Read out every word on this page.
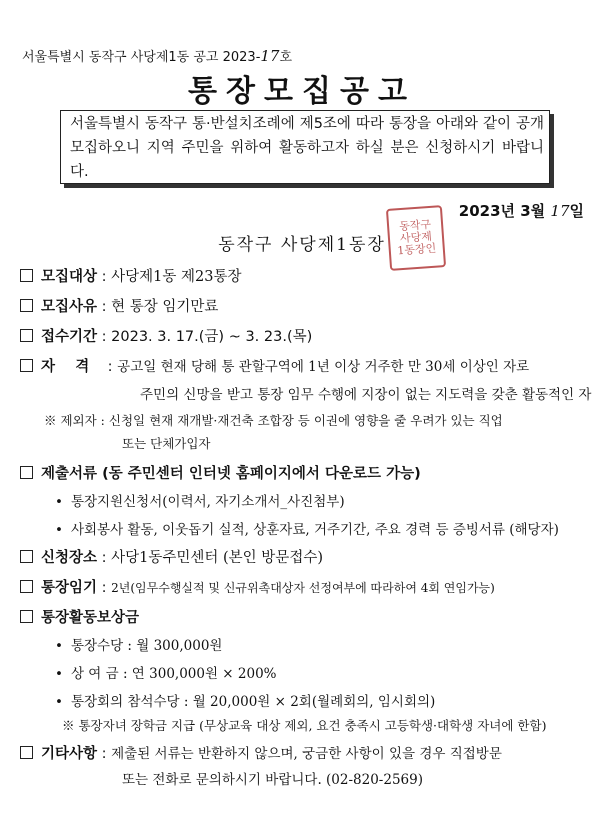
서울특별시 동작구 사당제1동 공고 2023-17호
통장모집공고
서울특별시 동작구 통·반설치조례에 제5조에 따라 통장을 아래와 같이 공개모집하오니 지역 주민을 위하여 활동하고자 하실 분은 신청하시기 바랍니다.
2023년 3월 17일
동작구 사당제1동장
동작구
사당제
1동장인
모집대상 : 사당제1동 제23통장
모집사유 : 현 통장 임기만료
접수기간 : 2023. 3. 17.(금) ~ 3. 23.(목)
자    격    : 공고일 현재 당해 통 관할구역에 1년 이상 거주한 만 30세 이상인 자로
주민의 신망을 받고 통장 임무 수행에 지장이 없는 지도력을 갖춘 활동적인 자
※ 제외자 : 신청일 현재 재개발·재건축 조합장 등 이권에 영향을 줄 우려가 있는 직업
또는 단체가입자
제출서류 (동 주민센터 인터넷 홈페이지에서 다운로드 가능)
• 통장지원신청서(이력서, 자기소개서_사진첨부)
• 사회봉사 활동, 이웃돕기 실적, 상훈자료, 거주기간, 주요 경력 등 증빙서류 (해당자)
신청장소 : 사당1동주민센터 (본인 방문접수)
통장임기 : 2년(임무수행실적 및 신규위촉대상자 선정여부에 따라하여 4회 연임가능)
통장활동보상금
• 통장수당 : 월 300,000원
• 상 여 금 : 연 300,000원 × 200%
• 통장회의 참석수당 : 월 20,000원 × 2회(월례회의, 임시회의)
※ 통장자녀 장학금 지급 (무상교육 대상 제외, 요건 충족시 고등학생·대학생 자녀에 한함)
기타사항 : 제출된 서류는 반환하지 않으며, 궁금한 사항이 있을 경우 직접방문
또는 전화로 문의하시기 바랍니다. (02-820-2569)
